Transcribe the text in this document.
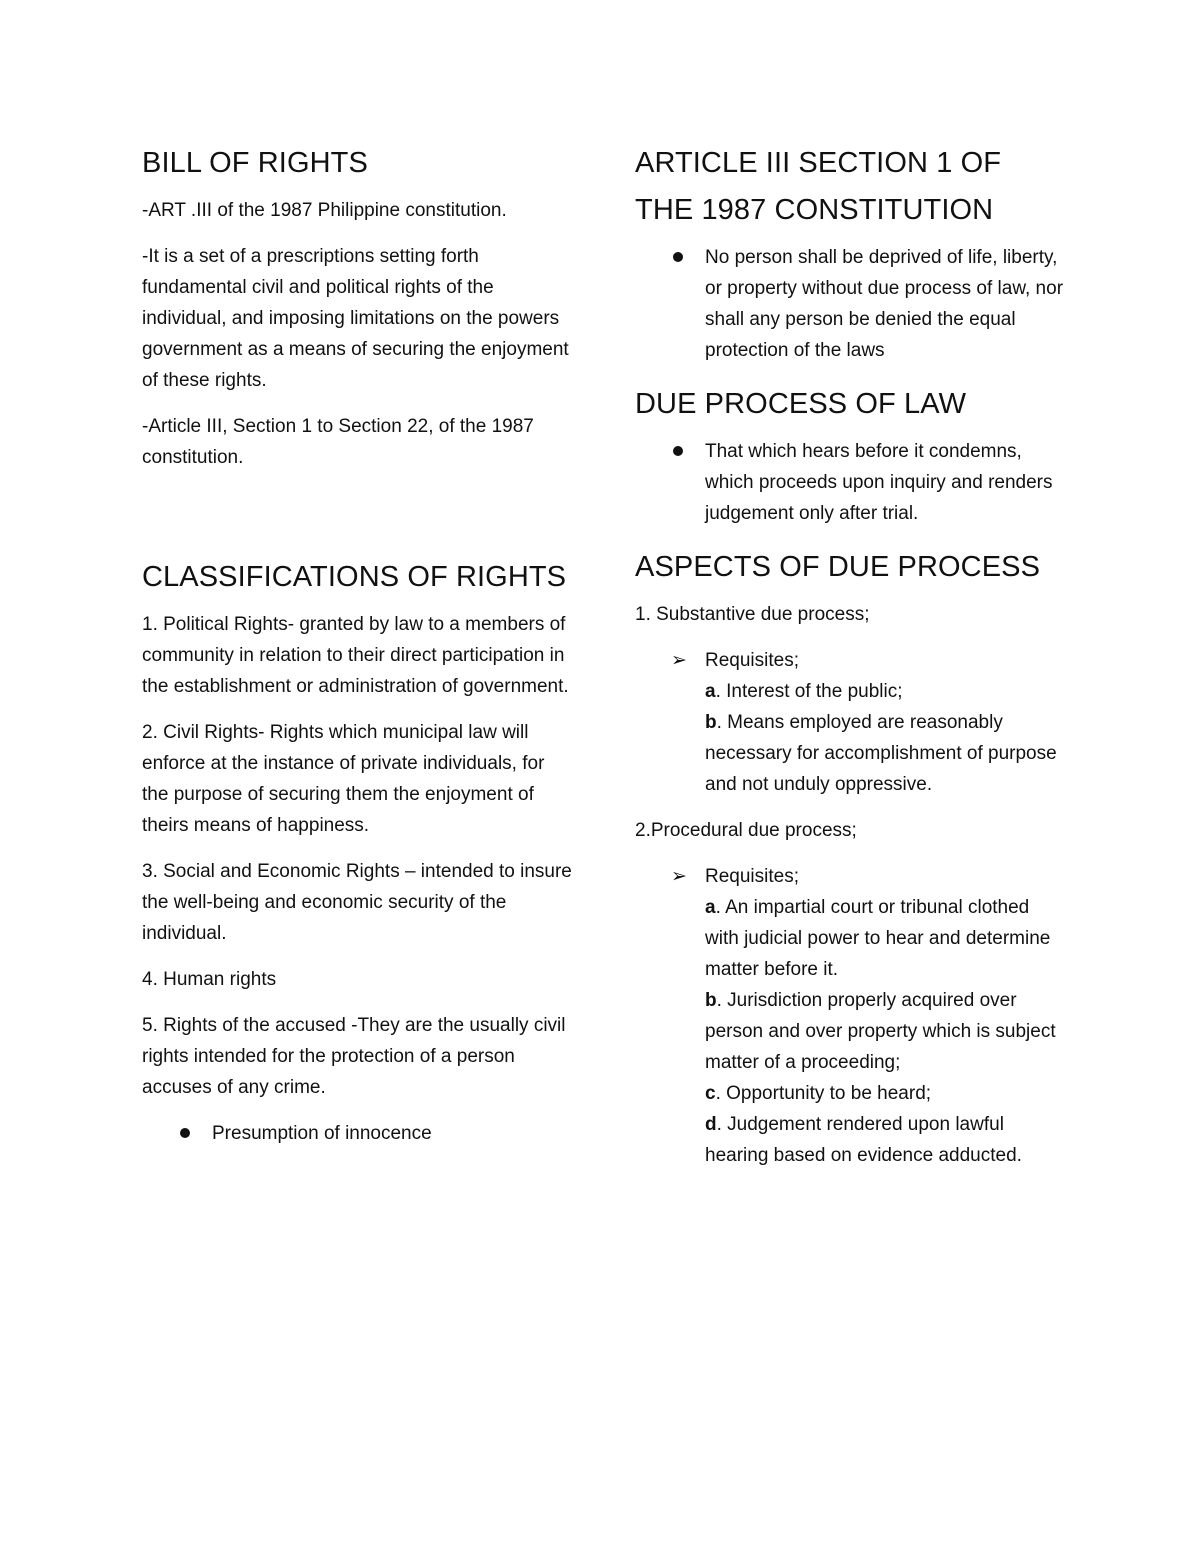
BILL OF RIGHTS

-ART .III of the 1987 Philippine constitution.

-It is a set of a prescriptions setting forth fundamental civil and political rights of the individual, and imposing limitations on the powers government as a means of securing the enjoyment of these rights.

-Article III, Section 1 to Section 22, of the 1987 constitution.

CLASSIFICATIONS OF RIGHTS

1. Political Rights- granted by law to a members of community in relation to their direct participation in the establishment or administration of government.

2. Civil Rights- Rights which municipal law will enforce at the instance of private individuals, for the purpose of securing them the enjoyment of theirs means of happiness.

3. Social and Economic Rights – intended to insure the well-being and economic security of the individual.

4. Human rights

5. Rights of the accused -They are the usually civil rights intended for the protection of a person accuses of any crime.

Presumption of innocence
ARTICLE III SECTION 1 OF THE 1987 CONSTITUTION
No person shall be deprived of life, liberty, or property without due process of law, nor shall any person be denied the equal protection of the laws
DUE PROCESS OF LAW
That which hears before it condemns, which proceeds upon inquiry and renders judgement only after trial.
ASPECTS OF DUE PROCESS

1. Substantive due process;

➢ Requisites;
a. Interest of the public;
b. Means employed are reasonably necessary for accomplishment of purpose and not unduly oppressive.

2.Procedural due process;

➢ Requisites;
a. An impartial court or tribunal clothed with judicial power to hear and determine matter before it.
b. Jurisdiction properly acquired over person and over property which is subject matter of a proceeding;
c. Opportunity to be heard;
d. Judgement rendered upon lawful hearing based on evidence adducted.
